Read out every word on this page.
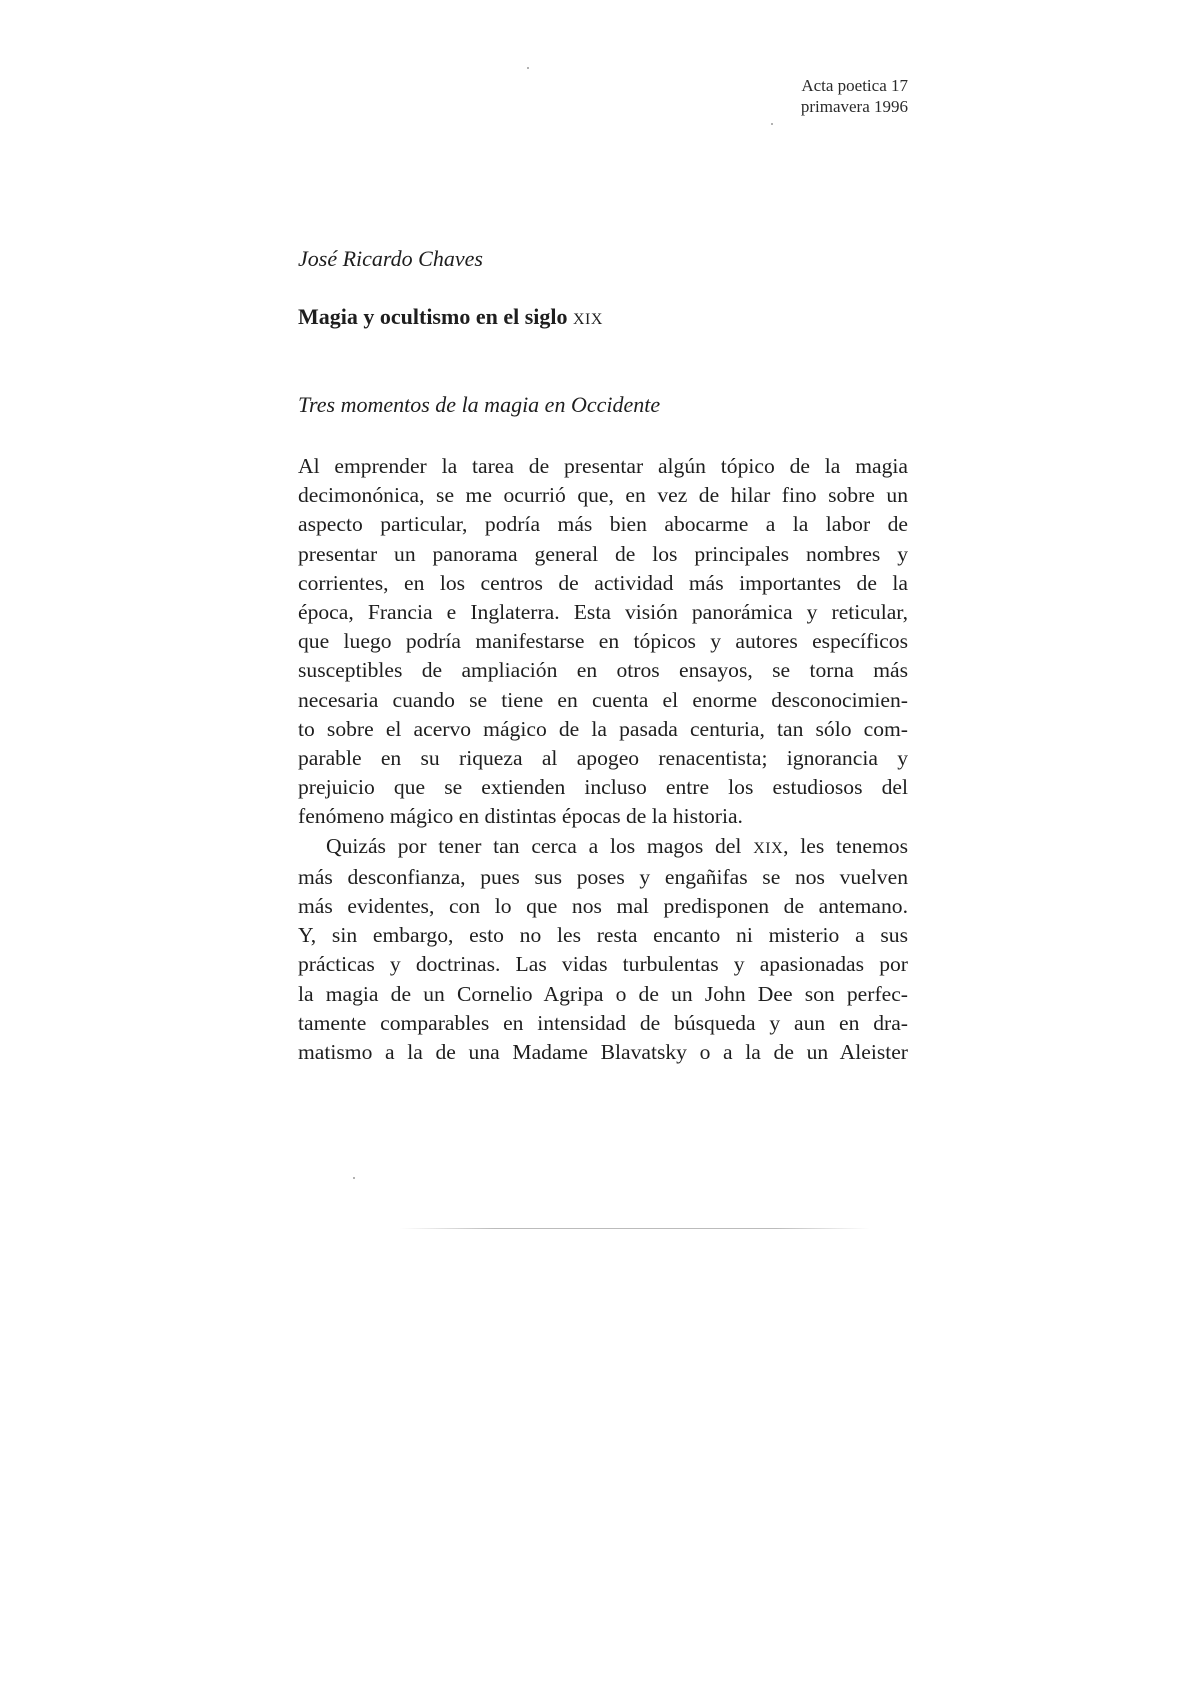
Acta poetica 17
primavera 1996
José Ricardo Chaves
Magia y ocultismo en el siglo XIX
Tres momentos de la magia en Occidente
Al emprender la tarea de presentar algún tópico de la magia
decimonónica, se me ocurrió que, en vez de hilar fino sobre un
aspecto particular, podría más bien abocarme a la labor de
presentar un panorama general de los principales nombres y
corrientes, en los centros de actividad más importantes de la
época, Francia e Inglaterra. Esta visión panorámica y reticular,
que luego podría manifestarse en tópicos y autores específicos
susceptibles de ampliación en otros ensayos, se torna más
necesaria cuando se tiene en cuenta el enorme desconocimien-
to sobre el acervo mágico de la pasada centuria, tan sólo com-
parable en su riqueza al apogeo renacentista; ignorancia y
prejuicio que se extienden incluso entre los estudiosos del
fenómeno mágico en distintas épocas de la historia.
Quizás por tener tan cerca a los magos del XIX, les tenemos
más desconfianza, pues sus poses y engañifas se nos vuelven
más evidentes, con lo que nos mal predisponen de antemano.
Y, sin embargo, esto no les resta encanto ni misterio a sus
prácticas y doctrinas. Las vidas turbulentas y apasionadas por
la magia de un Cornelio Agripa o de un John Dee son perfec-
tamente comparables en intensidad de búsqueda y aun en dra-
matismo a la de una Madame Blavatsky o a la de un Aleister
